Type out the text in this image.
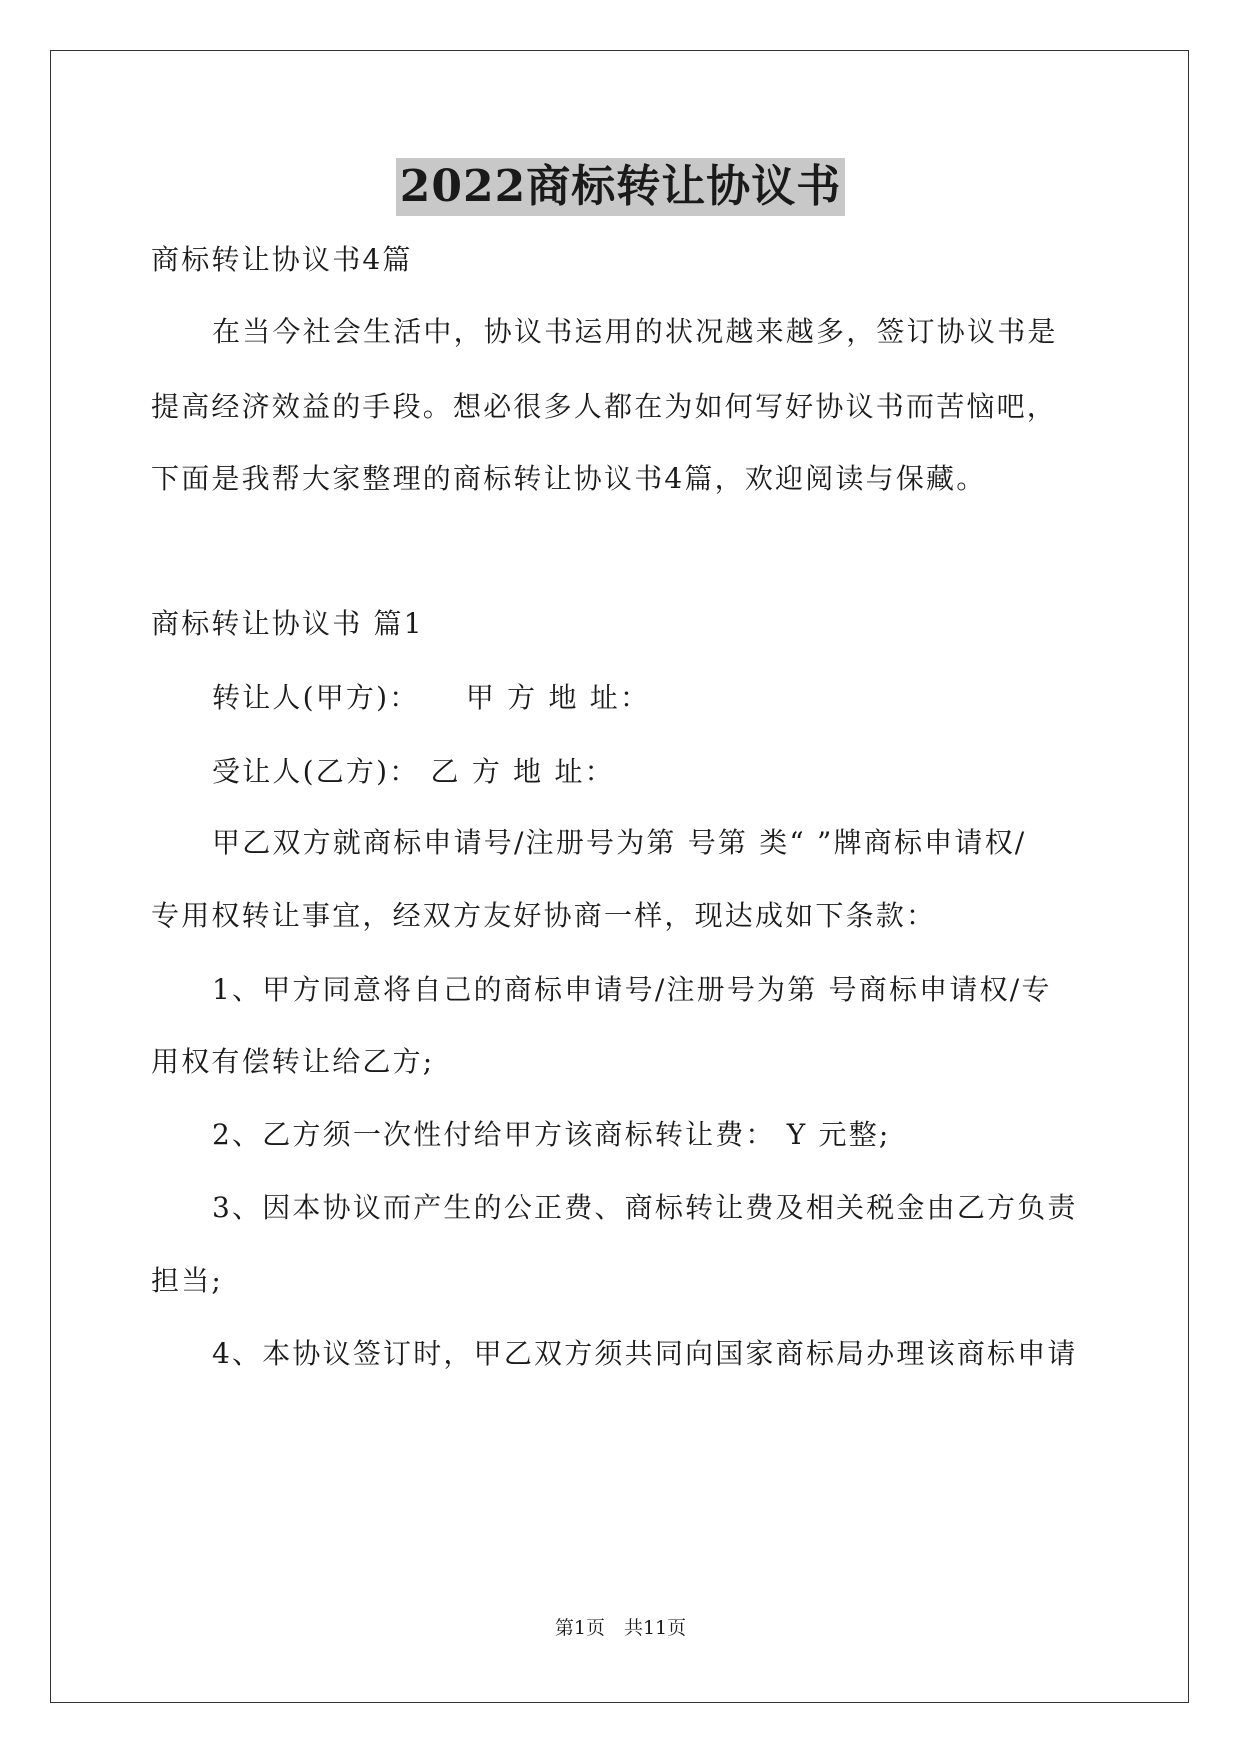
2022商标转让协议书
商标转让协议书4篇
在当今社会生活中，协议书运用的状况越来越多，签订协议书是
提高经济效益的手段。想必很多人都在为如何写好协议书而苦恼吧，
下面是我帮大家整理的商标转让协议书4篇，欢迎阅读与保藏。
商标转让协议书 篇1
转让人(甲方)：　　甲 方 地 址：
受让人(乙方)： 乙 方 地 址：
甲乙双方就商标申请号/注册号为第 号第 类“ ”牌商标申请权/
专用权转让事宜，经双方友好协商一样，现达成如下条款：
1、甲方同意将自己的商标申请号/注册号为第 号商标申请权/专
用权有偿转让给乙方;
2、乙方须一次性付给甲方该商标转让费： Y 元整;
3、因本协议而产生的公正费、商标转让费及相关税金由乙方负责
担当;
4、本协议签订时，甲乙双方须共同向国家商标局办理该商标申请
第1页　共11页
